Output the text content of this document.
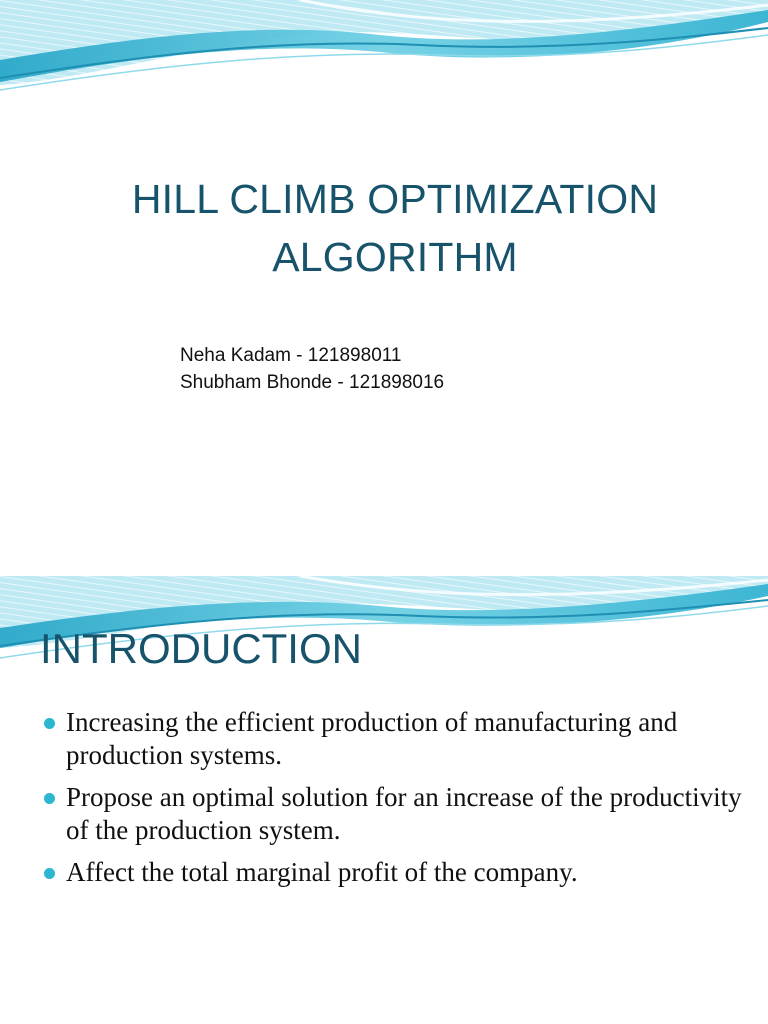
HILL CLIMB OPTIMIZATION
ALGORITHM
Neha Kadam - 121898011
Shubham Bhonde - 121898016
INTRODUCTION
Increasing the efficient production of manufacturing and production systems.
Propose an optimal solution for an increase of the productivity of the production system.
Affect the total marginal profit of the company.
